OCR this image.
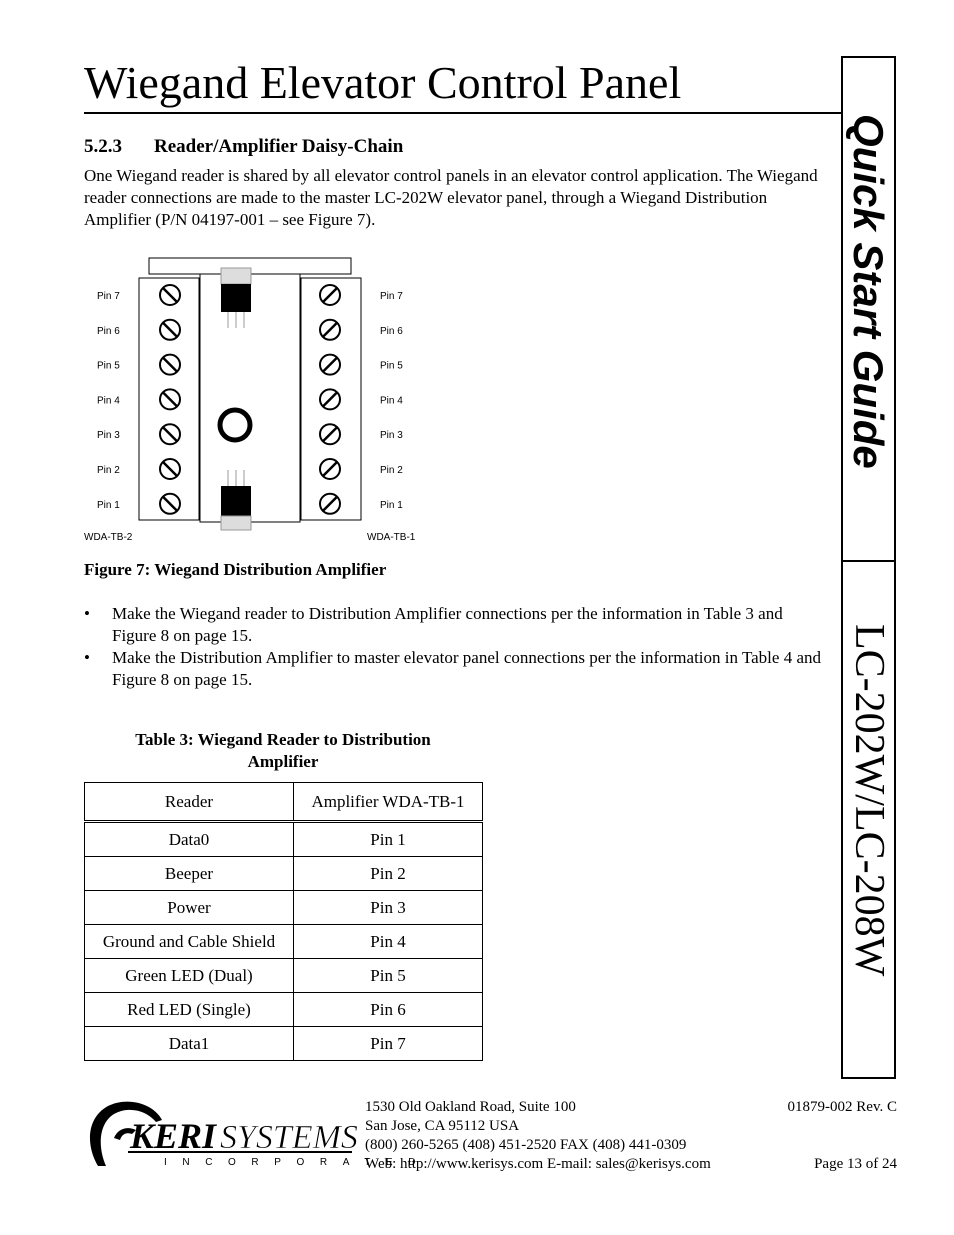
Wiegand Elevator Control Panel
Quick Start Guide
LC-202W/LC-208W
5.2.3 Reader/Amplifier Daisy-Chain
One Wiegand reader is shared by all elevator control panels in an elevator control application. The Wiegand reader connections are made to the master LC-202W elevator panel, through a Wiegand Distribution Amplifier (P/N 04197-001 – see Figure 7).
Pin 7	Pin 7
Pin 6	Pin 6
Pin 5	Pin 5
Pin 4	Pin 4
Pin 3	Pin 3
Pin 2	Pin 2
Pin 1	Pin 1
WDA-TB-2	WDA-TB-1
Figure 7: Wiegand Distribution Amplifier
• Make the Wiegand reader to Distribution Amplifier connections per the information in Table 3 and Figure 8 on page 15.
• Make the Distribution Amplifier to master elevator panel connections per the information in Table 4 and Figure 8 on page 15.
Table 3: Wiegand Reader to Distribution
Amplifier
Reader	Amplifier WDA-TB-1
Data0	Pin 1
Beeper	Pin 2
Power	Pin 3
Ground and Cable Shield	Pin 4
Green LED (Dual)	Pin 5
Red LED (Single)	Pin 6
Data1	Pin 7
KERI SYSTEMS
INCORPORATED
1530 Old Oakland Road, Suite 100
San Jose, CA 95112 USA
(800) 260-5265 (408) 451-2520 FAX (408) 441-0309
Web: http://www.kerisys.com E-mail: sales@kerisys.com
01879-002 Rev. C
Page 13 of 24
